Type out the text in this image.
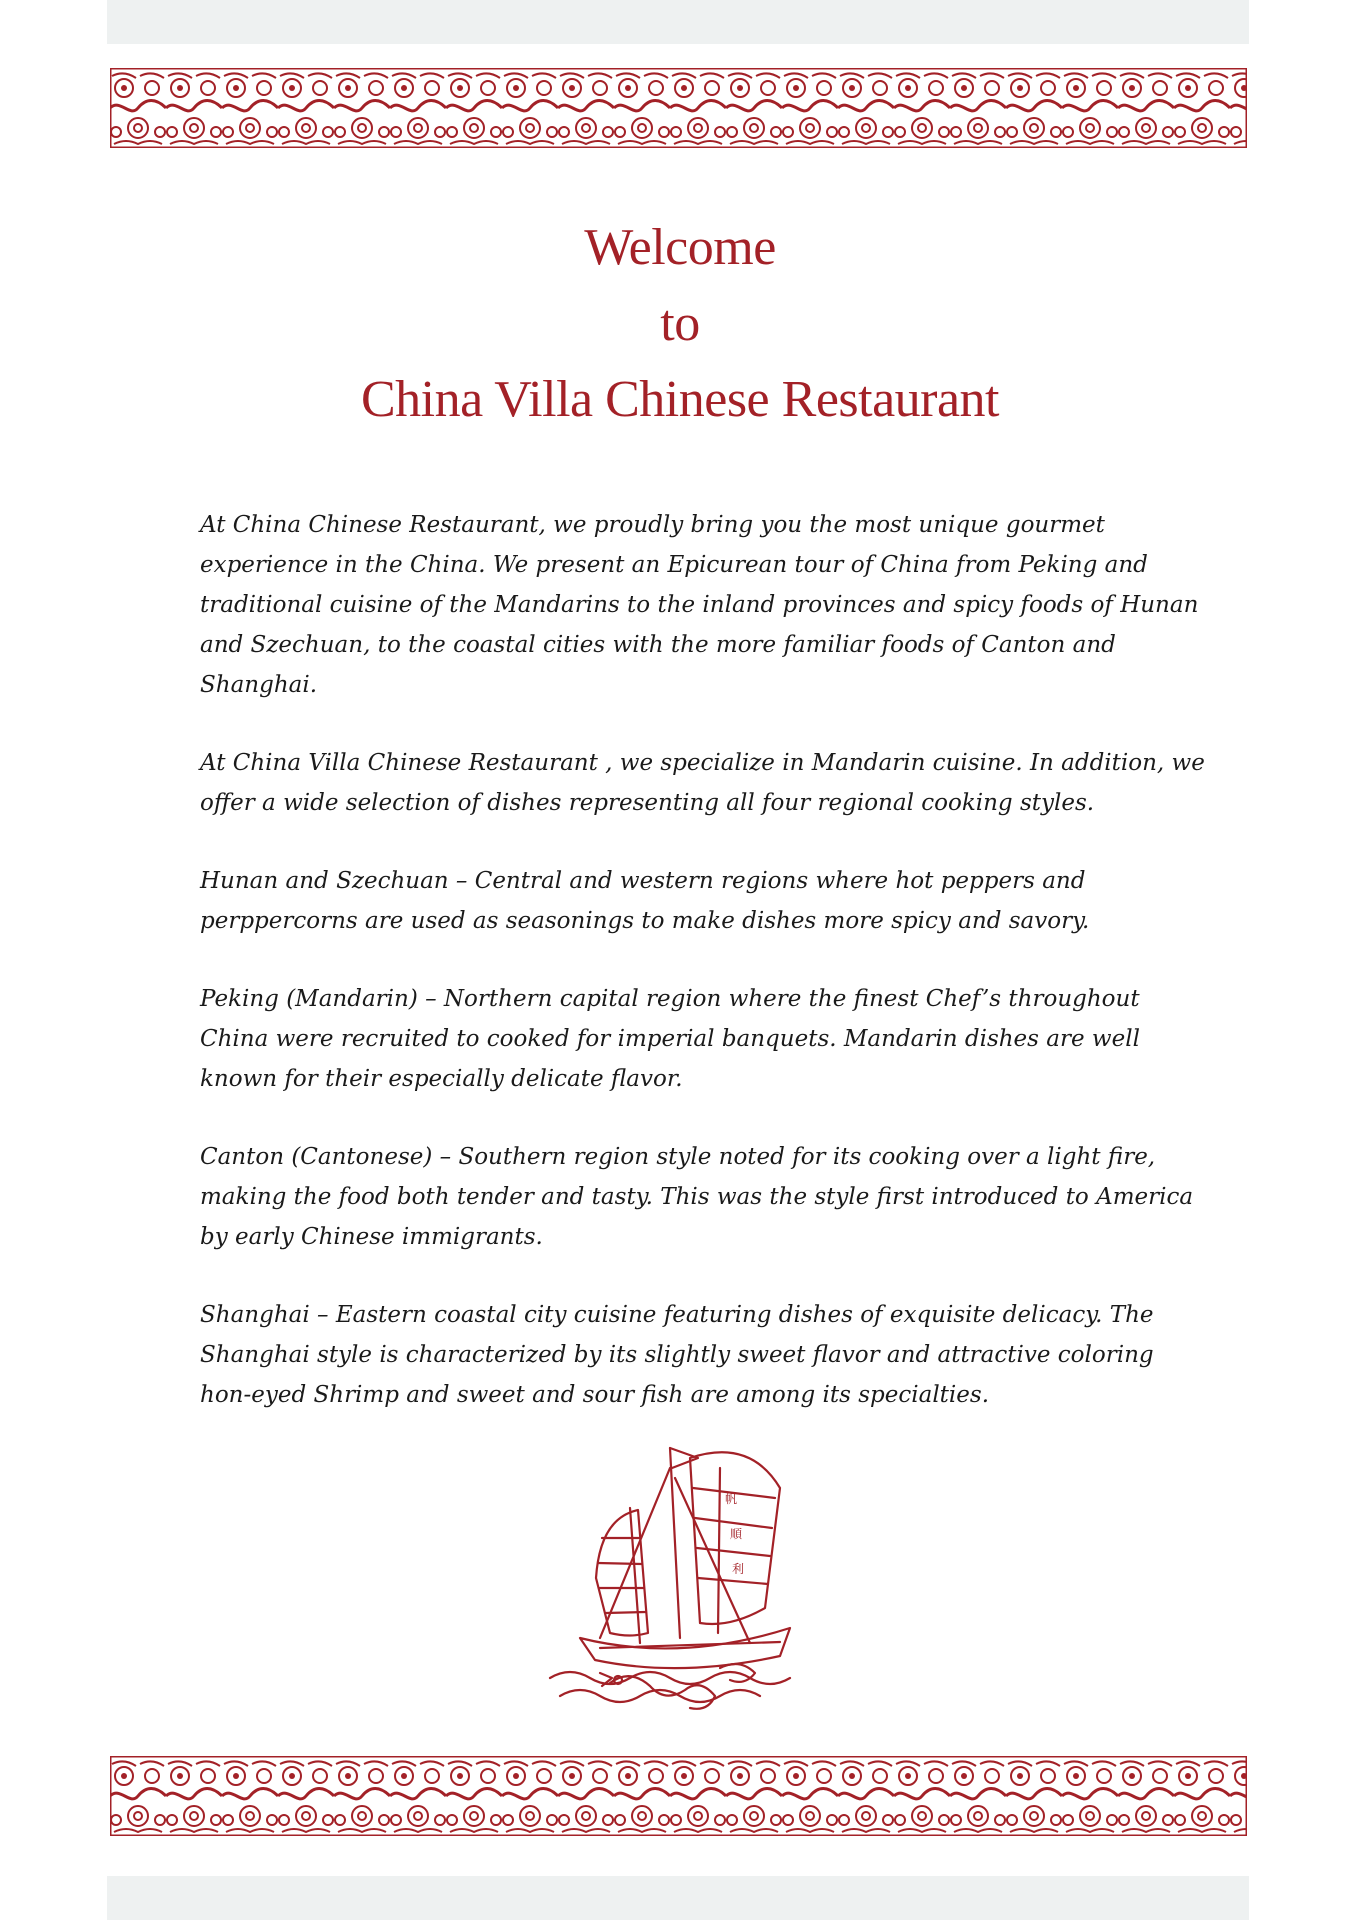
Welcome
to
China Villa Chinese Restaurant

At China Chinese Restaurant, we proudly bring you the most unique gourmet experience in the China. We present an Epicurean tour of China from Peking and traditional cuisine of the Mandarins to the inland provinces and spicy foods of Hunan and Szechuan, to the coastal cities with the more familiar foods of Canton and Shanghai.

At China Villa Chinese Restaurant , we specialize in Mandarin cuisine. In addition, we offer a wide selection of dishes representing all four regional cooking styles.

Hunan and Szechuan – Central and western regions where hot peppers and perppercorns are used as seasonings to make dishes more spicy and savory.

Peking (Mandarin) – Northern capital region where the finest Chef’s throughout China were recruited to cooked for imperial banquets. Mandarin dishes are well known for their especially delicate flavor.

Canton (Cantonese) – Southern region style noted for its cooking over a light fire, making the food both tender and tasty. This was the style first introduced to America by early Chinese immigrants.

Shanghai – Eastern coastal city cuisine featuring dishes of exquisite delicacy. The Shanghai style is characterized by its slightly sweet flavor and attractive coloring hon-eyed Shrimp and sweet and sour fish are among its specialties.

帆
順
利
